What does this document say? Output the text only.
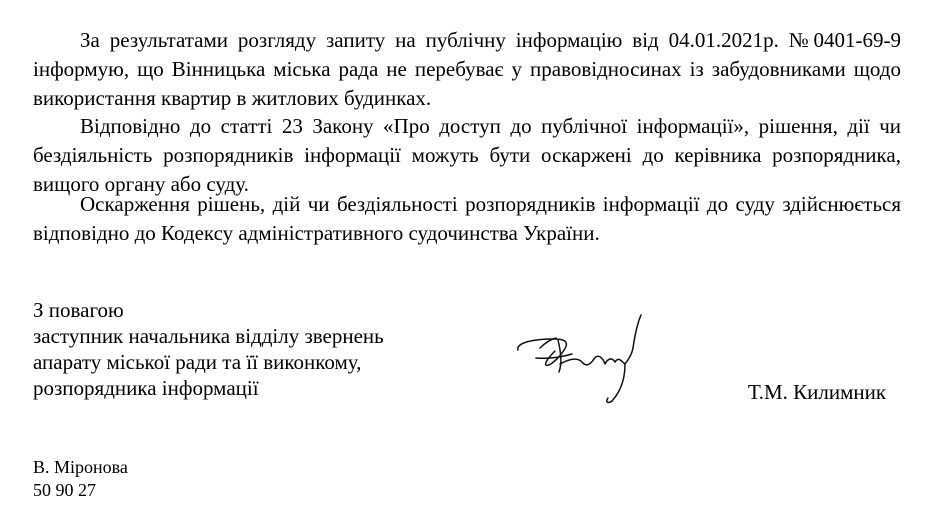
За результатами розгляду запиту на публічну інформацію від 04.01.2021р. №0401-69-9 інформую, що Вінницька міська рада не перебуває у правовідносинах із забудовниками щодо використання квартир в житлових будинках.

Відповідно до статті 23 Закону «Про доступ до публічної інформації», рішення, дії чи бездіяльність розпорядників інформації можуть бути оскаржені до керівника розпорядника, вищого органу або суду.

Оскарження рішень, дій чи бездіяльності розпорядників інформації до суду здійснюється відповідно до Кодексу адміністративного судочинства України.

З повагою
заступник начальника відділу звернень
апарату міської ради та її виконкому,
розпорядника інформації	Т.М. Килимник
В. Міронова
50 90 27
